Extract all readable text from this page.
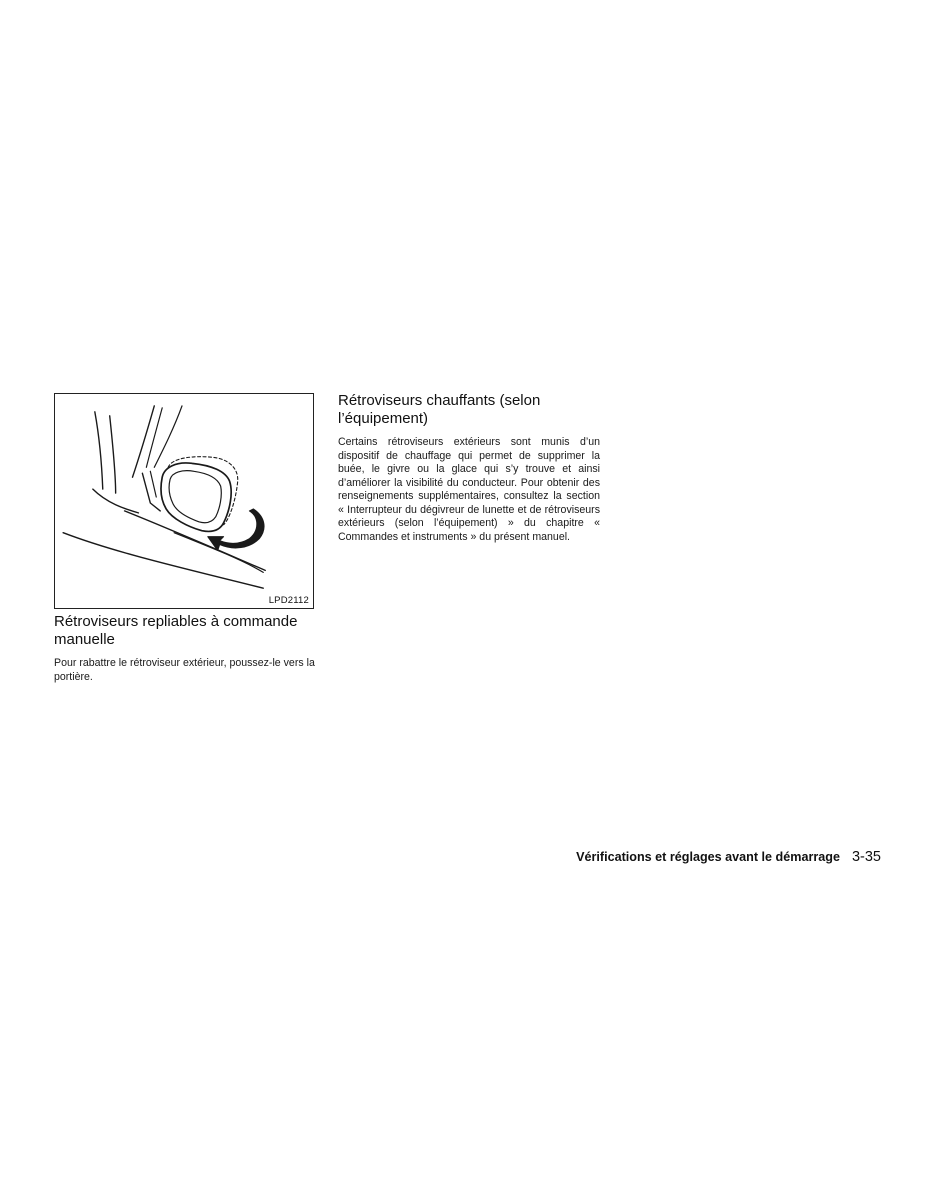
LPD2112
Rétroviseurs repliables à commande manuelle

Pour rabattre le rétroviseur extérieur, poussez-le vers la portière.

Rétroviseurs chauffants (selon l’équipement)

Certains rétroviseurs extérieurs sont munis d’un dispositif de chauffage qui permet de supprimer la buée, le givre ou la glace qui s’y trouve et ainsi d’améliorer la visibilité du conducteur. Pour obtenir des renseignements supplémentaires, consultez la section « Interrupteur du dégivreur de lunette et de rétroviseurs extérieurs (selon l’équipement) » du chapitre « Commandes et instruments » du présent manuel.

Vérifications et réglages avant le démarrage 3-35
